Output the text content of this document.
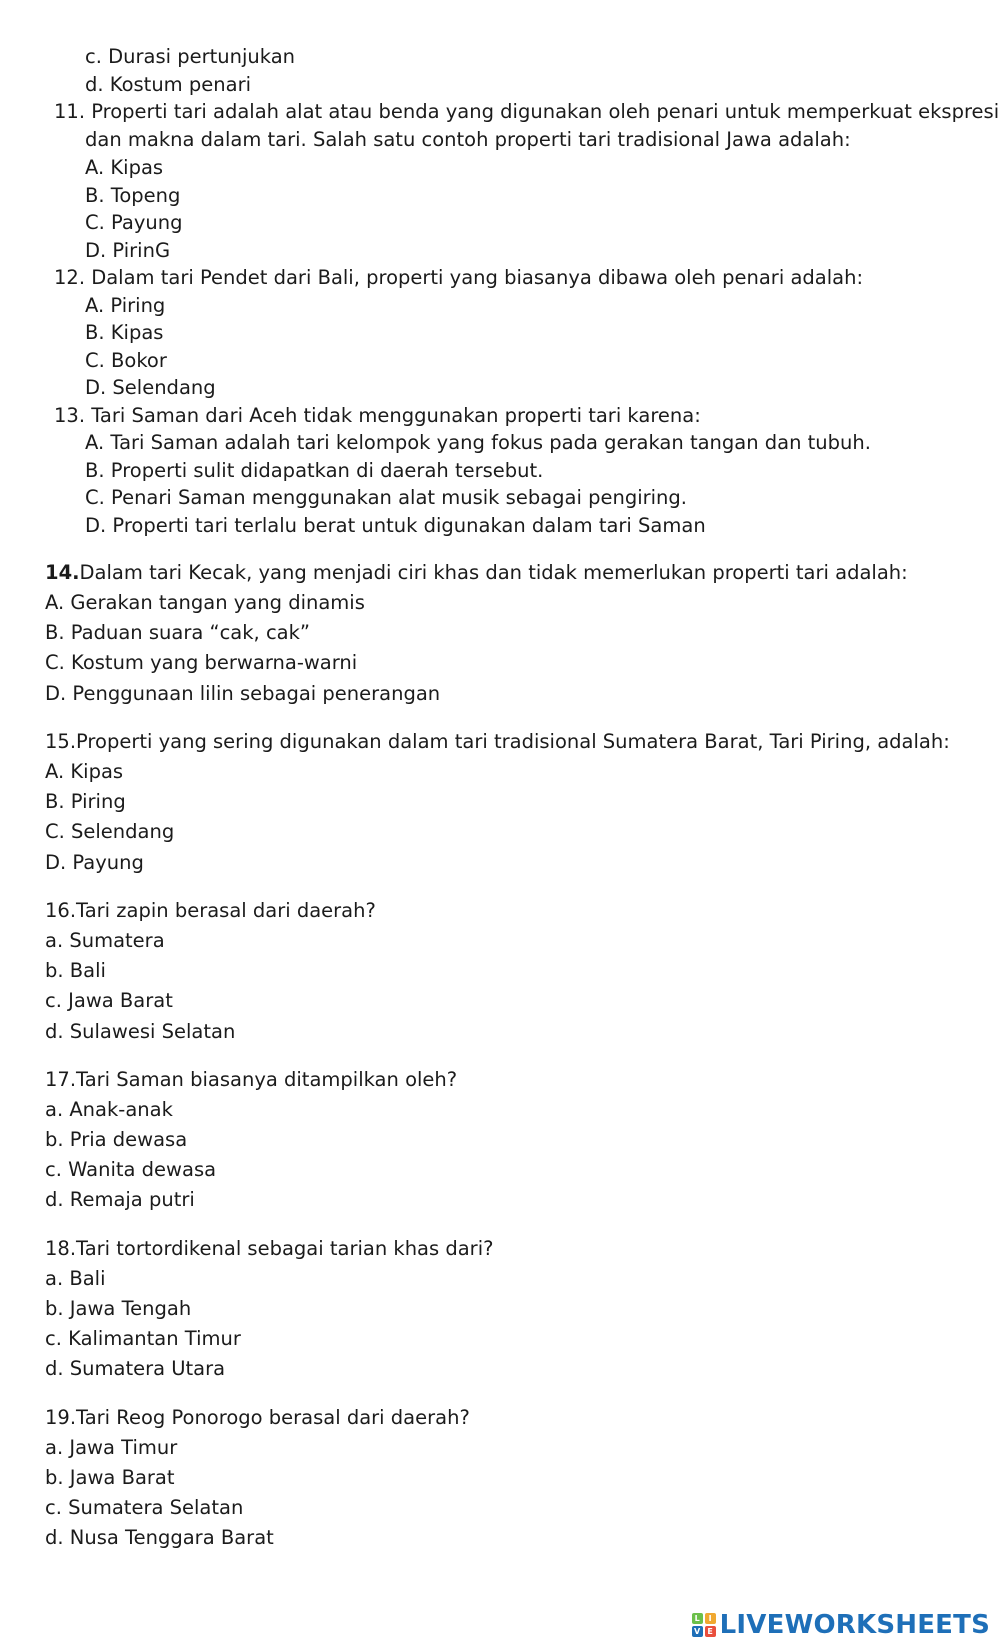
c. Durasi pertunjukan
d. Kostum penari
11. Properti tari adalah alat atau benda yang digunakan oleh penari untuk memperkuat ekspresi
dan makna dalam tari. Salah satu contoh properti tari tradisional Jawa adalah:
A. Kipas
B. Topeng
C. Payung
D. PirinG
12. Dalam tari Pendet dari Bali, properti yang biasanya dibawa oleh penari adalah:
A. Piring
B. Kipas
C. Bokor
D. Selendang
13. Tari Saman dari Aceh tidak menggunakan properti tari karena:
A. Tari Saman adalah tari kelompok yang fokus pada gerakan tangan dan tubuh.
B. Properti sulit didapatkan di daerah tersebut.
C. Penari Saman menggunakan alat musik sebagai pengiring.
D. Properti tari terlalu berat untuk digunakan dalam tari Saman
14.Dalam tari Kecak, yang menjadi ciri khas dan tidak memerlukan properti tari adalah:
A. Gerakan tangan yang dinamis
B. Paduan suara “cak, cak”
C. Kostum yang berwarna-warni
D. Penggunaan lilin sebagai penerangan
15.Properti yang sering digunakan dalam tari tradisional Sumatera Barat, Tari Piring, adalah:
A. Kipas
B. Piring
C. Selendang
D. Payung
16.Tari zapin berasal dari daerah?
a. Sumatera
b. Bali
c. Jawa Barat
d. Sulawesi Selatan
17.Tari Saman biasanya ditampilkan oleh?
a. Anak-anak
b. Pria dewasa
c. Wanita dewasa
d. Remaja putri
18.Tari tortordikenal sebagai tarian khas dari?
a. Bali
b. Jawa Tengah
c. Kalimantan Timur
d. Sumatera Utara
19.Tari Reog Ponorogo berasal dari daerah?
a. Jawa Timur
b. Jawa Barat
c. Sumatera Selatan
d. Nusa Tenggara Barat
L	I
V E LIVEWORKSHEETS
